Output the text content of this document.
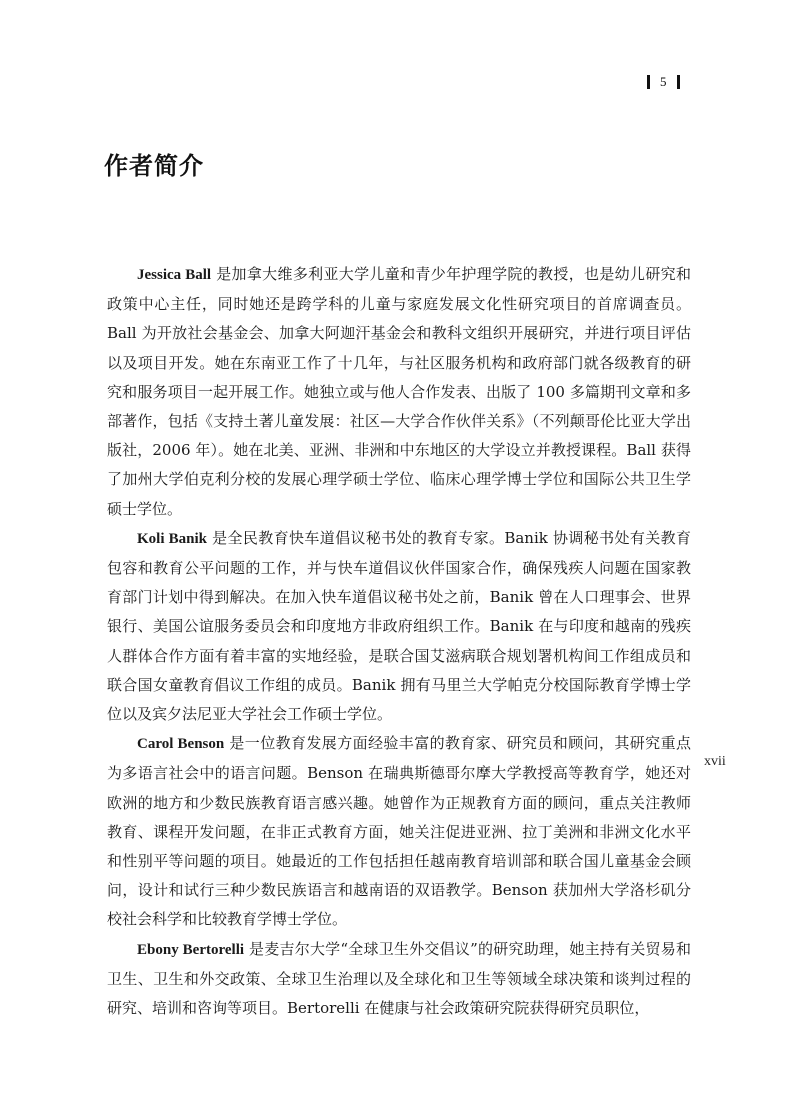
5
作者简介
xvii

Jessica Ball 是加拿大维多利亚大学儿童和青少年护理学院的教授，也是幼儿研究和政策中心主任，同时她还是跨学科的儿童与家庭发展文化性研究项目的首席调查员。Ball 为开放社会基金会、加拿大阿迦汗基金会和教科文组织开展研究，并进行项目评估以及项目开发。她在东南亚工作了十几年，与社区服务机构和政府部门就各级教育的研究和服务项目一起开展工作。她独立或与他人合作发表、出版了 100 多篇期刊文章和多部著作，包括《支持土著儿童发展：社区—大学合作伙伴关系》（不列颠哥伦比亚大学出版社，2006 年）。她在北美、亚洲、非洲和中东地区的大学设立并教授课程。Ball 获得了加州大学伯克利分校的发展心理学硕士学位、临床心理学博士学位和国际公共卫生学硕士学位。

Koli Banik 是全民教育快车道倡议秘书处的教育专家。Banik 协调秘书处有关教育包容和教育公平问题的工作，并与快车道倡议伙伴国家合作，确保残疾人问题在国家教育部门计划中得到解决。在加入快车道倡议秘书处之前，Banik 曾在人口理事会、世界银行、美国公谊服务委员会和印度地方非政府组织工作。Banik 在与印度和越南的残疾人群体合作方面有着丰富的实地经验，是联合国艾滋病联合规划署机构间工作组成员和联合国女童教育倡议工作组的成员。Banik 拥有马里兰大学帕克分校国际教育学博士学位以及宾夕法尼亚大学社会工作硕士学位。

Carol Benson 是一位教育发展方面经验丰富的教育家、研究员和顾问，其研究重点为多语言社会中的语言问题。Benson 在瑞典斯德哥尔摩大学教授高等教育学，她还对欧洲的地方和少数民族教育语言感兴趣。她曾作为正规教育方面的顾问，重点关注教师教育、课程开发问题，在非正式教育方面，她关注促进亚洲、拉丁美洲和非洲文化水平和性别平等问题的项目。她最近的工作包括担任越南教育培训部和联合国儿童基金会顾问，设计和试行三种少数民族语言和越南语的双语教学。Benson 获加州大学洛杉矶分校社会科学和比较教育学博士学位。

Ebony Bertorelli 是麦吉尔大学“全球卫生外交倡议”的研究助理，她主持有关贸易和卫生、卫生和外交政策、全球卫生治理以及全球化和卫生等领域全球决策和谈判过程的研究、培训和咨询等项目。Bertorelli 在健康与社会政策研究院获得研究员职位，
